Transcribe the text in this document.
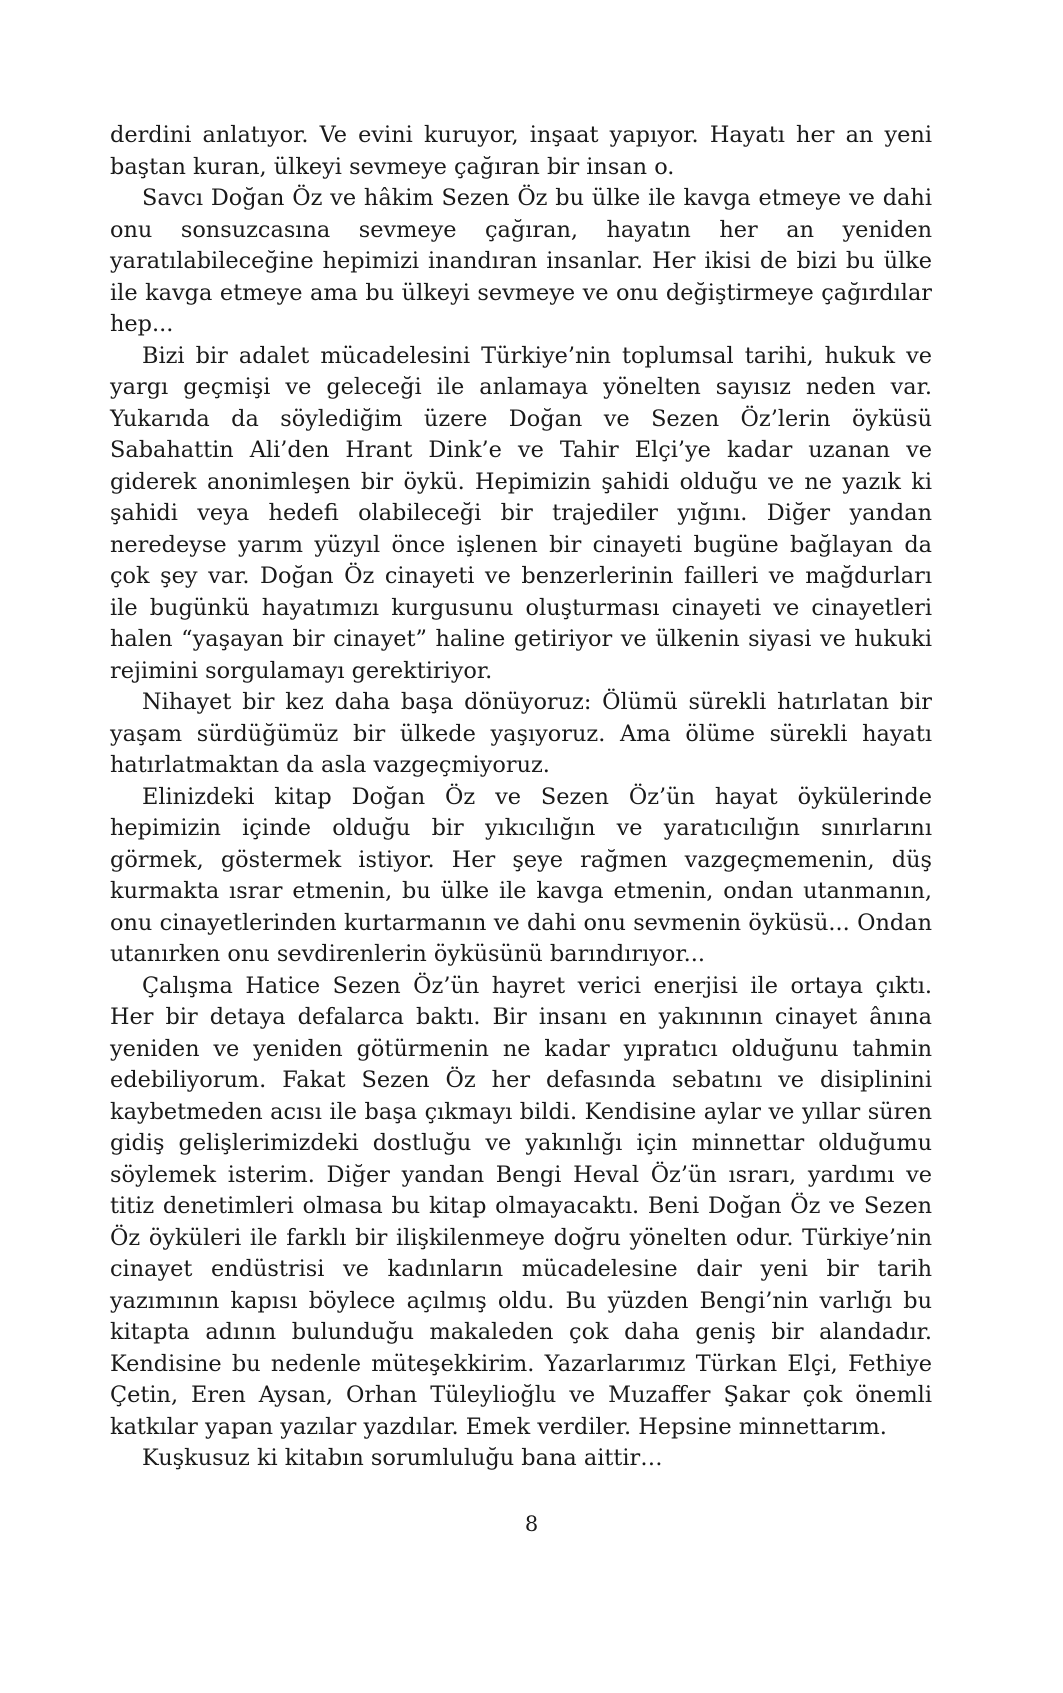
derdini anlatıyor. Ve evini kuruyor, inşaat yapıyor. Hayatı her an yeni baştan kuran, ülkeyi sevmeye çağıran bir insan o.

Savcı Doğan Öz ve hâkim Sezen Öz bu ülke ile kavga etmeye ve dahi onu sonsuzcasına sevmeye çağıran, hayatın her an yeniden yaratılabileceğine hepimizi inandıran insanlar. Her ikisi de bizi bu ülke ile kavga etmeye ama bu ülkeyi sevmeye ve onu değiştirmeye çağırdılar hep...

Bizi bir adalet mücadelesini Türkiye’nin toplumsal tarihi, hukuk ve yargı geçmişi ve geleceği ile anlamaya yönelten sayısız neden var. Yukarıda da söylediğim üzere Doğan ve Sezen Öz’lerin öyküsü Sabahattin Ali’den Hrant Dink’e ve Tahir Elçi’ye kadar uzanan ve giderek anonimleşen bir öykü. Hepimizin şahidi olduğu ve ne yazık ki şahidi veya hedefi olabileceği bir trajediler yığını. Diğer yandan neredeyse yarım yüzyıl önce işlenen bir cinayeti bugüne bağlayan da çok şey var. Doğan Öz cinayeti ve benzerlerinin failleri ve mağdurları ile bugünkü hayatımızı kurgusunu oluşturması cinayeti ve cinayetleri halen “yaşayan bir cinayet” haline getiriyor ve ülkenin siyasi ve hukuki rejimini sorgulamayı gerektiriyor.

Nihayet bir kez daha başa dönüyoruz: Ölümü sürekli hatırlatan bir yaşam sürdüğümüz bir ülkede yaşıyoruz. Ama ölüme sürekli hayatı hatırlatmaktan da asla vazgeçmiyoruz.

Elinizdeki kitap Doğan Öz ve Sezen Öz’ün hayat öykülerinde hepimizin içinde olduğu bir yıkıcılığın ve yaratıcılığın sınırlarını görmek, göstermek istiyor. Her şeye rağmen vazgeçmemenin, düş kurmakta ısrar etmenin, bu ülke ile kavga etmenin, ondan utanmanın, onu cinayetlerinden kurtarmanın ve dahi onu sevmenin öyküsü... Ondan utanırken onu sevdirenlerin öyküsünü barındırıyor...

Çalışma Hatice Sezen Öz’ün hayret verici enerjisi ile ortaya çıktı. Her bir detaya defalarca baktı. Bir insanı en yakınının cinayet ânına yeniden ve yeniden götürmenin ne kadar yıpratıcı olduğunu tahmin edebiliyorum. Fakat Sezen Öz her defasında sebatını ve disiplinini kaybetmeden acısı ile başa çıkmayı bildi. Kendisine aylar ve yıllar süren gidiş gelişlerimizdeki dostluğu ve yakınlığı için minnettar olduğumu söylemek isterim. Diğer yandan Bengi Heval Öz’ün ısrarı, yardımı ve titiz denetimleri olmasa bu kitap olmayacaktı. Beni Doğan Öz ve Sezen Öz öyküleri ile farklı bir ilişkilenmeye doğru yönelten odur. Türkiye’nin cinayet endüstrisi ve kadınların mücadelesine dair yeni bir tarih yazımının kapısı böylece açılmış oldu. Bu yüzden Bengi’nin varlığı bu kitapta adının bulunduğu makaleden çok daha geniş bir alandadır. Kendisine bu nedenle müteşekkirim. Yazarlarımız Türkan Elçi, Fethiye Çetin, Eren Aysan, Orhan Tüleylioğlu ve Muzaffer Şakar çok önemli katkılar yapan yazılar yazdılar. Emek verdiler. Hepsine minnettarım.

Kuşkusuz ki kitabın sorumluluğu bana aittir…

8
